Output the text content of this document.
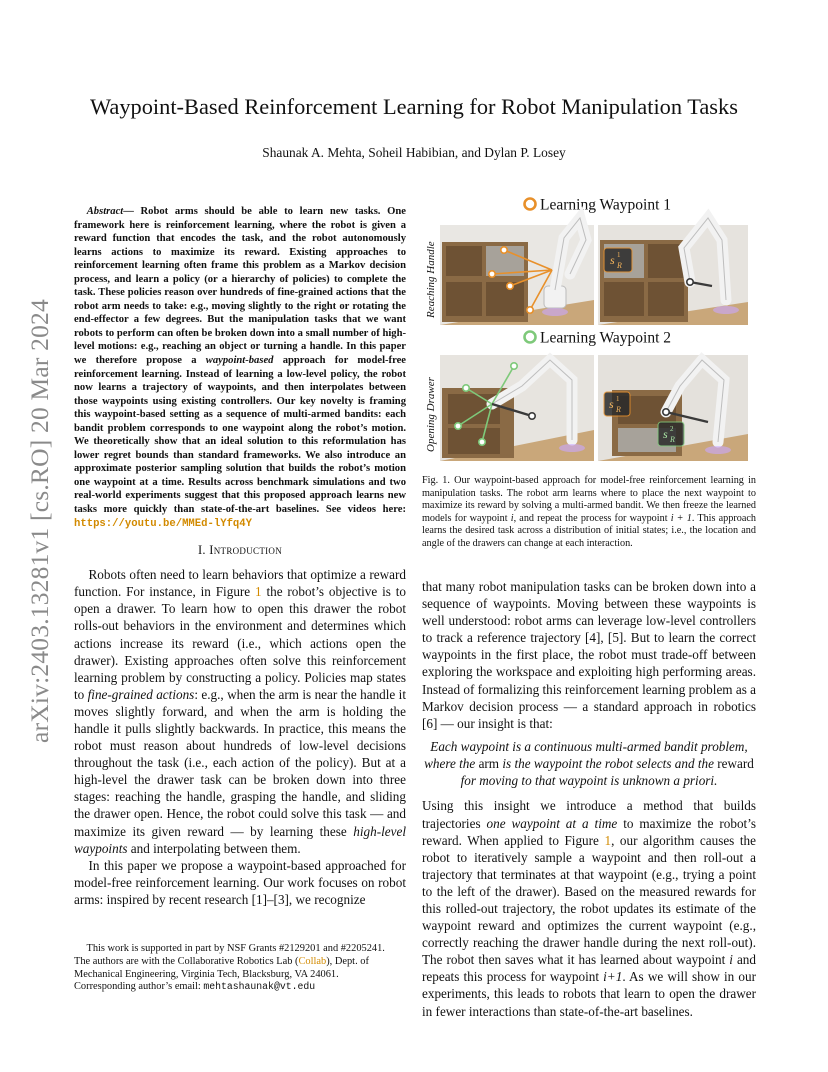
arXiv:2403.13281v1 [cs.RO] 20 Mar 2024
Waypoint-Based Reinforcement Learning for Robot Manipulation Tasks
Shaunak A. Mehta, Soheil Habibian, and Dylan P. Losey

Abstract— Robot arms should be able to learn new tasks. One framework here is reinforcement learning, where the robot is given a reward function that encodes the task, and the robot autonomously learns actions to maximize its reward. Existing approaches to reinforcement learning often frame this problem as a Markov decision process, and learn a policy (or a hierarchy of policies) to complete the task. These policies reason over hundreds of fine-grained actions that the robot arm needs to take: e.g., moving slightly to the right or rotating the end-effector a few degrees. But the manipulation tasks that we want robots to perform can often be broken down into a small number of high-level motions: e.g., reaching an object or turning a handle. In this paper we therefore propose a waypoint-based approach for model-free reinforcement learning. Instead of learning a low-level policy, the robot now learns a trajectory of waypoints, and then interpolates between those waypoints using existing controllers. Our key novelty is framing this waypoint-based setting as a sequence of multi-armed bandits: each bandit problem corresponds to one waypoint along the robot’s motion. We theoretically show that an ideal solution to this reformulation has lower regret bounds than standard frameworks. We also introduce an approximate posterior sampling solution that builds the robot’s motion one waypoint at a time. Results across benchmark simulations and two real-world experiments suggest that this proposed approach learns new tasks more quickly than state-of-the-art baselines. See videos here: https://youtu.be/MMEd-lYfq4Y

I. Introduction

Robots often need to learn behaviors that optimize a reward function. For instance, in Figure 1 the robot’s objective is to open a drawer. To learn how to open this drawer the robot rolls-out behaviors in the environment and determines which actions increase its reward (i.e., which actions open the drawer). Existing approaches often solve this reinforcement learning problem by constructing a policy. Policies map states to fine-grained actions: e.g., when the arm is near the handle it moves slightly forward, and when the arm is holding the handle it pulls slightly backwards. In practice, this means the robot must reason about hundreds of low-level decisions throughout the task (i.e., each action of the policy). But at a high-level the drawer task can be broken down into three stages: reaching the handle, grasping the handle, and sliding the drawer open. Hence, the robot could solve this task — and maximize its given reward — by learning these high-level waypoints and interpolating between them.

In this paper we propose a waypoint-based approached for model-free reinforcement learning. Our work focuses on robot arms: inspired by recent research [1]–[3], we recognize

This work is supported in part by NSF Grants #2129201 and #2205241.
The authors are with the Collaborative Robotics Lab (Collab), Dept. of Mechanical Engineering, Virginia Tech, Blacksburg, VA 24061.
Corresponding author’s email: mehtashaunak@vt.edu

Learning Waypoint 1
Reaching Handle	s R
1
Learning Waypoint 2
Opening Drawer	s R
1
s R
2

Fig. 1. Our waypoint-based approach for model-free reinforcement learning in manipulation tasks. The robot arm learns where to place the next waypoint to maximize its reward by solving a multi-armed bandit. We then freeze the learned models for waypoint i, and repeat the process for waypoint i + 1. This approach learns the desired task across a distribution of initial states; i.e., the location and angle of the drawers can change at each interaction.

that many robot manipulation tasks can be broken down into a sequence of waypoints. Moving between these waypoints is well understood: robot arms can leverage low-level controllers to track a reference trajectory [4], [5]. But to learn the correct waypoints in the first place, the robot must trade-off between exploring the workspace and exploiting high performing areas. Instead of formalizing this reinforcement learning problem as a Markov decision process — a standard approach in robotics [6] — our insight is that:

Each waypoint is a continuous multi-armed bandit problem, where the arm is the waypoint the robot selects and the reward for moving to that waypoint is unknown a priori.

Using this insight we introduce a method that builds trajectories one waypoint at a time to maximize the robot’s reward. When applied to Figure 1, our algorithm causes the robot to iteratively sample a waypoint and then roll-out a trajectory that terminates at that waypoint (e.g., trying a point to the left of the drawer). Based on the measured rewards for this rolled-out trajectory, the robot updates its estimate of the waypoint reward and optimizes the current waypoint (e.g., correctly reaching the drawer handle during the next roll-out). The robot then saves what it has learned about waypoint i and repeats this process for waypoint i+1. As we will show in our experiments, this leads to robots that learn to open the drawer in fewer interactions than state-of-the-art baselines.
